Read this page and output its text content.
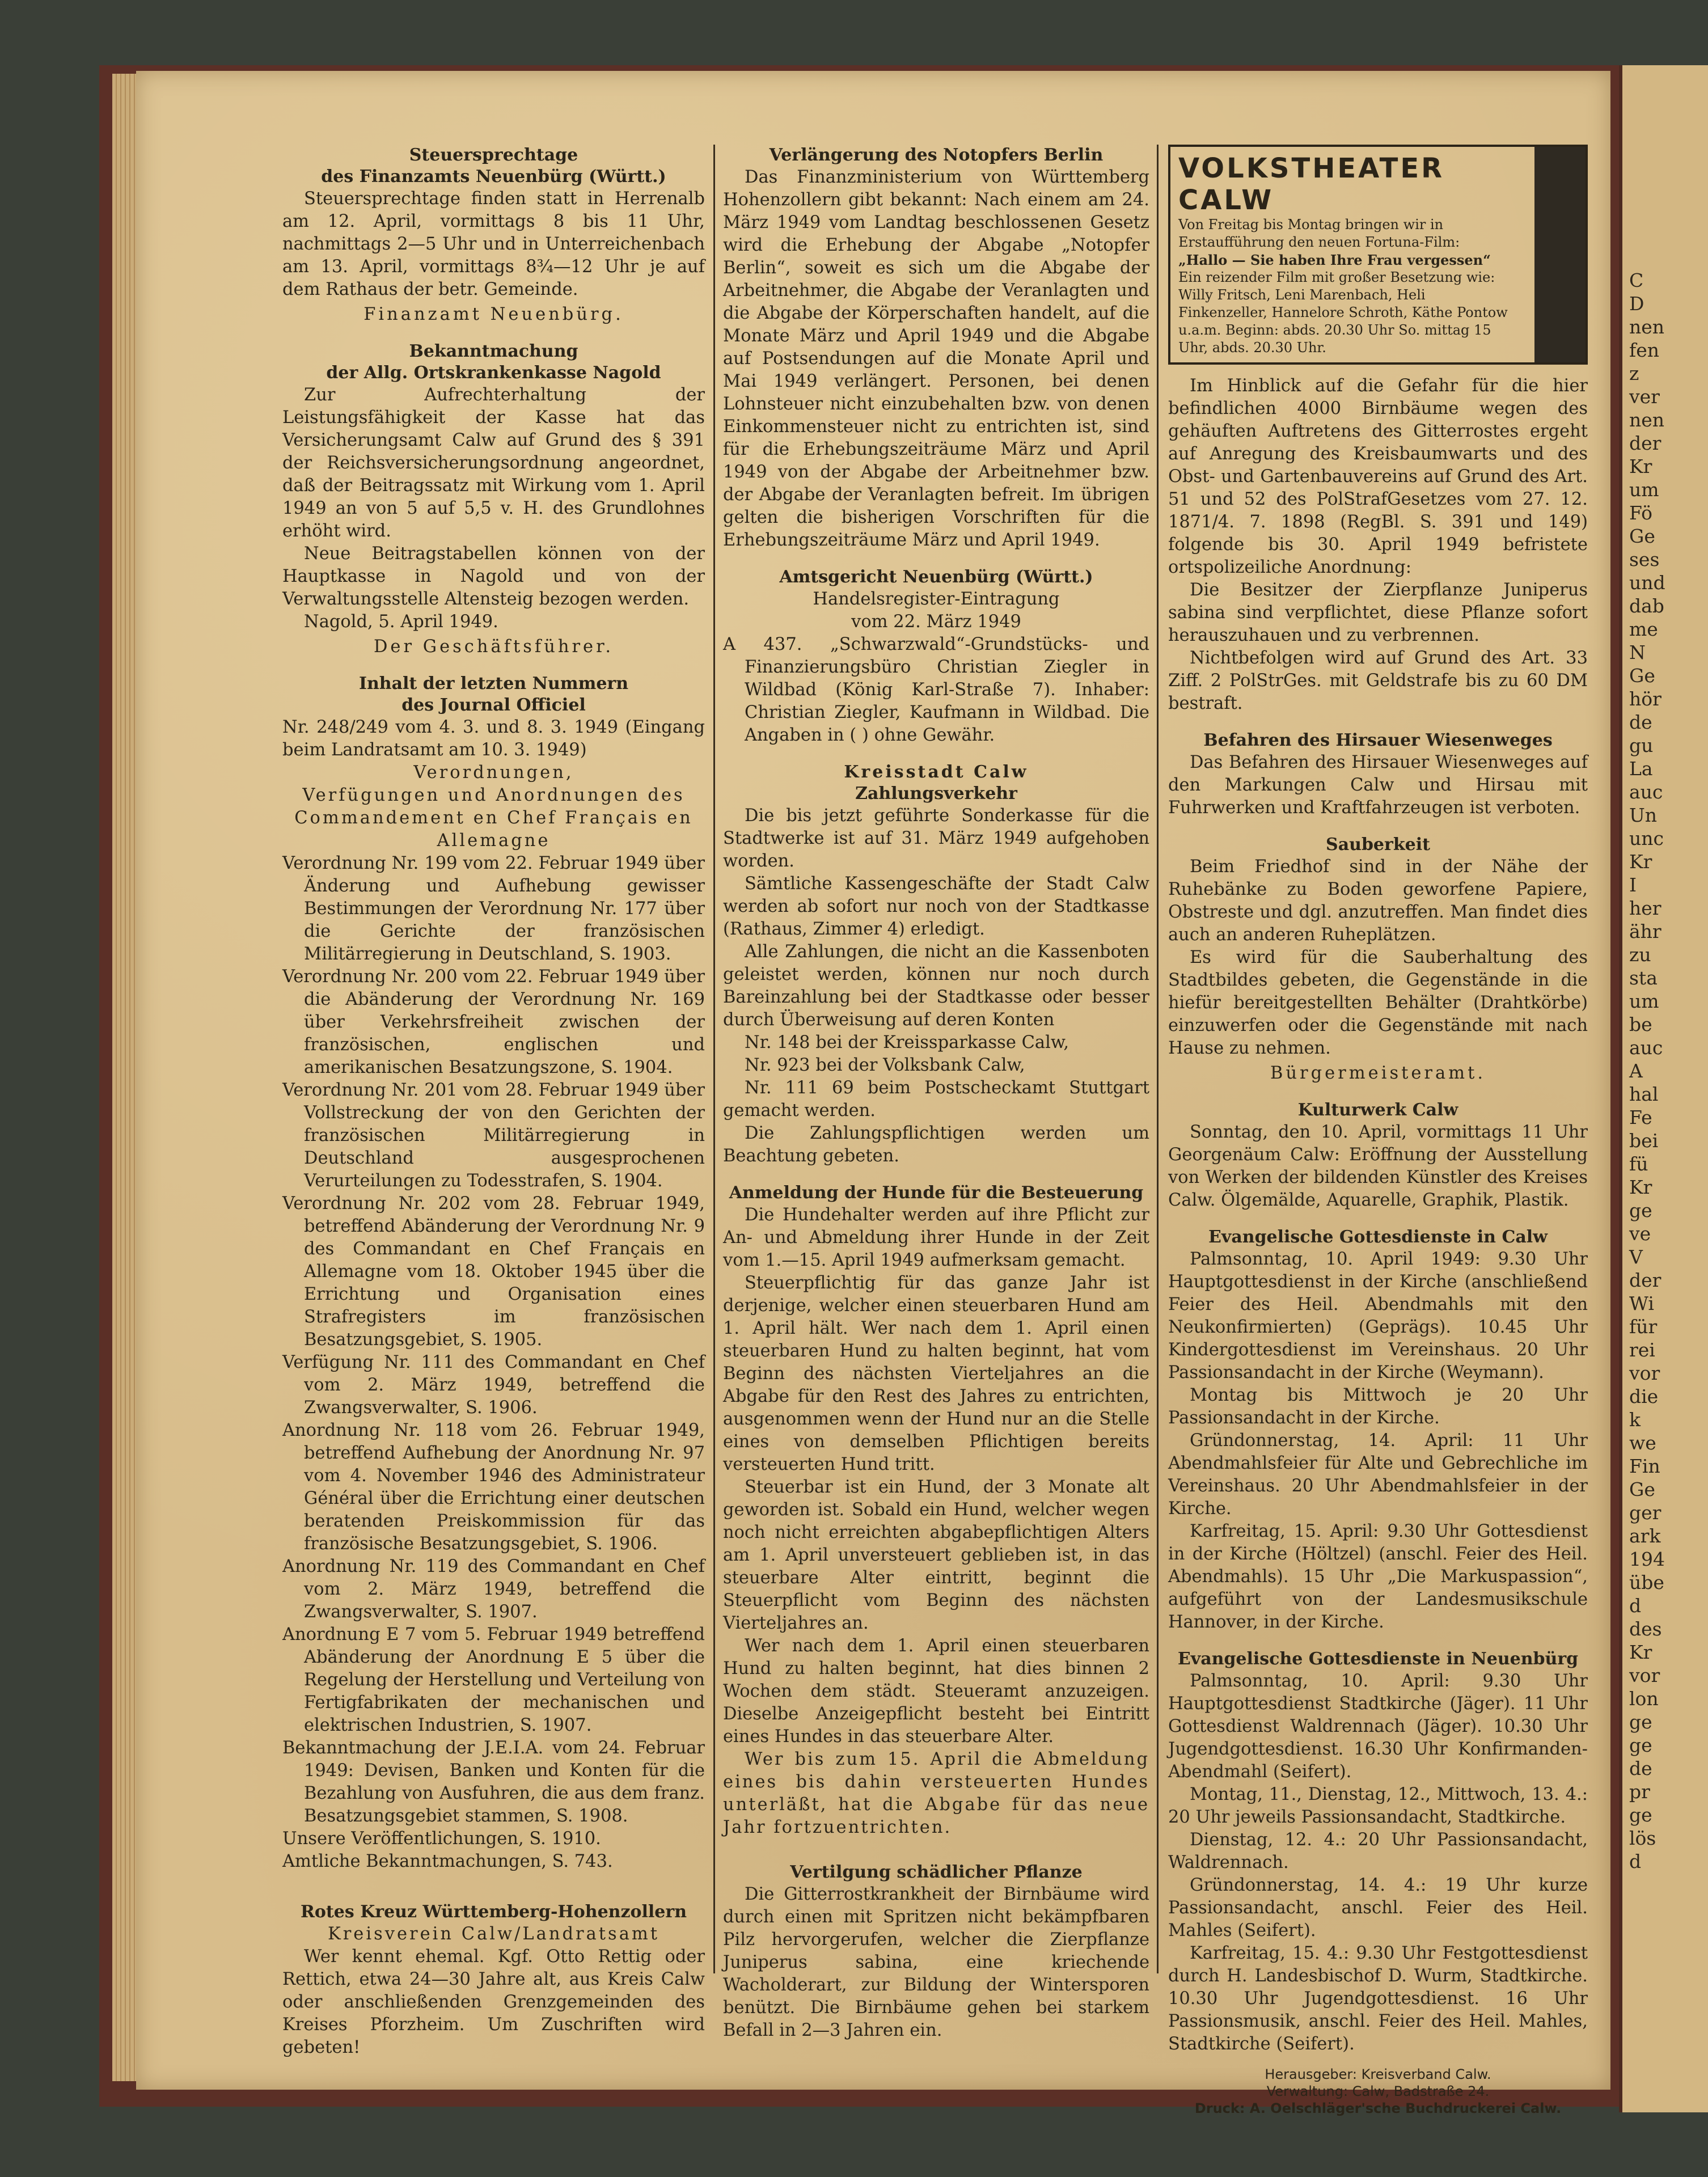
Steuersprechtage
des Finanzamts Neuenbürg (Württ.)

Steuersprechtage finden statt in Herrenalb am 12. April, vormittags 8 bis 11 Uhr, nachmittags 2—5 Uhr und in Unterreichenbach am 13. April, vormittags 8¾—12 Uhr je auf dem Rathaus der betr. Gemeinde.

Finanzamt Neuenbürg.
Bekanntmachung
der Allg. Ortskrankenkasse Nagold

Zur Aufrechterhaltung der Leistungsfähigkeit der Kasse hat das Versicherungsamt Calw auf Grund des § 391 der Reichsversicherungsordnung angeordnet, daß der Beitragssatz mit Wirkung vom 1. April 1949 an von 5 auf 5,5 v. H. des Grundlohnes erhöht wird.

Neue Beitragstabellen können von der Hauptkasse in Nagold und von der Verwaltungsstelle Altensteig bezogen werden.

Nagold, 5. April 1949.

Der Geschäftsführer.
Inhalt der letzten Nummern
des Journal Officiel

Nr. 248/249 vom 4. 3. und 8. 3. 1949 (Eingang beim Landratsamt am 10. 3. 1949)

Verordnungen,
Verfügungen und Anordnungen des Commandement en Chef Français en Allemagne

Verordnung Nr. 199 vom 22. Februar 1949 über Änderung und Aufhebung gewisser Bestimmungen der Verordnung Nr. 177 über die Gerichte der französischen Militärregierung in Deutschland, S. 1903.

Verordnung Nr. 200 vom 22. Februar 1949 über die Abänderung der Verordnung Nr. 169 über Verkehrsfreiheit zwischen der französischen, englischen und amerikanischen Besatzungszone, S. 1904.

Verordnung Nr. 201 vom 28. Februar 1949 über Vollstreckung der von den Gerichten der französischen Militärregierung in Deutschland ausgesprochenen Verurteilungen zu Todesstrafen, S. 1904.

Verordnung Nr. 202 vom 28. Februar 1949, betreffend Abänderung der Verordnung Nr. 9 des Commandant en Chef Français en Allemagne vom 18. Oktober 1945 über die Errichtung und Organisation eines Strafregisters im französischen Besatzungsgebiet, S. 1905.

Verfügung Nr. 111 des Commandant en Chef vom 2. März 1949, betreffend die Zwangsverwalter, S. 1906.

Anordnung Nr. 118 vom 26. Februar 1949, betreffend Aufhebung der Anordnung Nr. 97 vom 4. November 1946 des Administrateur Général über die Errichtung einer deutschen beratenden Preiskommission für das französische Besatzungsgebiet, S. 1906.

Anordnung Nr. 119 des Commandant en Chef vom 2. März 1949, betreffend die Zwangsverwalter, S. 1907.

Anordnung E 7 vom 5. Februar 1949 betreffend Abänderung der Anordnung E 5 über die Regelung der Herstellung und Verteilung von Fertigfabrikaten der mechanischen und elektrischen Industrien, S. 1907.

Bekanntmachung der J.E.I.A. vom 24. Februar 1949: Devisen, Banken und Konten für die Bezahlung von Ausfuhren, die aus dem franz. Besatzungsgebiet stammen, S. 1908.

Unsere Veröffentlichungen, S. 1910.

Amtliche Bekanntmachungen, S. 743.

Rotes Kreuz Württemberg-Hohenzollern
Kreisverein Calw/Landratsamt

Wer kennt ehemal. Kgf. Otto Rettig oder Rettich, etwa 24—30 Jahre alt, aus Kreis Calw oder anschließenden Grenzgemeinden des Kreises Pforzheim. Um Zuschriften wird gebeten!

Verlängerung des Notopfers Berlin

Das Finanzministerium von Württemberg Hohenzollern gibt bekannt: Nach einem am 24. März 1949 vom Landtag beschlossenen Gesetz wird die Erhebung der Abgabe „Notopfer Berlin“, soweit es sich um die Abgabe der Arbeitnehmer, die Abgabe der Veranlagten und die Abgabe der Körperschaften handelt, auf die Monate März und April 1949 und die Abgabe auf Postsendungen auf die Monate April und Mai 1949 verlängert. Personen, bei denen Lohnsteuer nicht einzubehalten bzw. von denen Einkommensteuer nicht zu entrichten ist, sind für die Erhebungszeiträume März und April 1949 von der Abgabe der Arbeitnehmer bzw. der Abgabe der Veranlagten befreit. Im übrigen gelten die bisherigen Vorschriften für die Erhebungszeiträume März und April 1949.

Amtsgericht Neuenbürg (Württ.)
Handelsregister-Eintragung
vom 22. März 1949

A 437. „Schwarzwald“-Grundstücks- und Finanzierungsbüro Christian Ziegler in Wildbad (König Karl-Straße 7). Inhaber: Christian Ziegler, Kaufmann in Wildbad. Die Angaben in ( ) ohne Gewähr.

Kreisstadt Calw
Zahlungsverkehr

Die bis jetzt geführte Sonderkasse für die Stadtwerke ist auf 31. März 1949 aufgehoben worden.

Sämtliche Kassengeschäfte der Stadt Calw werden ab sofort nur noch von der Stadtkasse (Rathaus, Zimmer 4) erledigt.

Alle Zahlungen, die nicht an die Kassenboten geleistet werden, können nur noch durch Bareinzahlung bei der Stadtkasse oder besser durch Überweisung auf deren Konten

Nr. 148 bei der Kreissparkasse Calw,

Nr. 923 bei der Volksbank Calw,

Nr. 111 69 beim Postscheckamt Stuttgart gemacht werden.

Die Zahlungspflichtigen werden um Beachtung gebeten.

Anmeldung der Hunde für die Besteuerung

Die Hundehalter werden auf ihre Pflicht zur An- und Abmeldung ihrer Hunde in der Zeit vom 1.—15. April 1949 aufmerksam gemacht.

Steuerpflichtig für das ganze Jahr ist derjenige, welcher einen steuerbaren Hund am 1. April hält. Wer nach dem 1. April einen steuerbaren Hund zu halten beginnt, hat vom Beginn des nächsten Vierteljahres an die Abgabe für den Rest des Jahres zu entrichten, ausgenommen wenn der Hund nur an die Stelle eines von demselben Pflichtigen bereits versteuerten Hund tritt.

Steuerbar ist ein Hund, der 3 Monate alt geworden ist. Sobald ein Hund, welcher wegen noch nicht erreichten abgabepflichtigen Alters am 1. April unversteuert geblieben ist, in das steuerbare Alter eintritt, beginnt die Steuerpflicht vom Beginn des nächsten Vierteljahres an.

Wer nach dem 1. April einen steuerbaren Hund zu halten beginnt, hat dies binnen 2 Wochen dem städt. Steueramt anzuzeigen. Dieselbe Anzeigepflicht besteht bei Eintritt eines Hundes in das steuerbare Alter.

Wer bis zum 15. April die Abmeldung eines bis dahin versteuerten Hundes unterläßt, hat die Abgabe für das neue Jahr fortzuentrichten.

Vertilgung schädlicher Pflanze

Die Gitterrostkrankheit der Birnbäume wird durch einen mit Spritzen nicht bekämpfbaren Pilz hervorgerufen, welcher die Zierpflanze Juniperus sabina, eine kriechende Wacholderart, zur Bildung der Wintersporen benützt. Die Birnbäume gehen bei starkem Befall in 2—3 Jahren ein.

VOLKSTHEATER CALW
Von Freitag bis Montag bringen wir in Erstaufführung den neuen Fortuna-Film:
„Hallo — Sie haben Ihre Frau vergessen“
Ein reizender Film mit großer Besetzung wie: Willy Fritsch, Leni Marenbach, Heli Finkenzeller, Hannelore Schroth, Käthe Pontow u.a.m. Beginn: abds. 20.30 Uhr So. mittag 15 Uhr, abds. 20.30 Uhr.

Im Hinblick auf die Gefahr für die hier befindlichen 4000 Birnbäume wegen des gehäuften Auftretens des Gitterrostes ergeht auf Anregung des Kreisbaumwarts und des Obst- und Gartenbauvereins auf Grund des Art. 51 und 52 des PolStrafGesetzes vom 27. 12. 1871/4. 7. 1898 (RegBl. S. 391 und 149) folgende bis 30. April 1949 befristete ortspolizeiliche Anordnung:

Die Besitzer der Zierpflanze Juniperus sabina sind verpflichtet, diese Pflanze sofort herauszuhauen und zu verbrennen.

Nichtbefolgen wird auf Grund des Art. 33 Ziff. 2 PolStrGes. mit Geldstrafe bis zu 60 DM bestraft.

Befahren des Hirsauer Wiesenweges

Das Befahren des Hirsauer Wiesenweges auf den Markungen Calw und Hirsau mit Fuhrwerken und Kraftfahrzeugen ist verboten.

Sauberkeit

Beim Friedhof sind in der Nähe der Ruhebänke zu Boden geworfene Papiere, Obstreste und dgl. anzutreffen. Man findet dies auch an anderen Ruheplätzen.

Es wird für die Sauberhaltung des Stadtbildes gebeten, die Gegenstände in die hiefür bereitgestellten Behälter (Drahtkörbe) einzuwerfen oder die Gegenstände mit nach Hause zu nehmen.

Bürgermeisteramt.
Kulturwerk Calw

Sonntag, den 10. April, vormittags 11 Uhr Georgenäum Calw: Eröffnung der Ausstellung von Werken der bildenden Künstler des Kreises Calw. Ölgemälde, Aquarelle, Graphik, Plastik.

Evangelische Gottesdienste in Calw

Palmsonntag, 10. April 1949: 9.30 Uhr Hauptgottesdienst in der Kirche (anschließend Feier des Heil. Abendmahls mit den Neukonfirmierten) (Geprägs). 10.45 Uhr Kindergottesdienst im Vereinshaus. 20 Uhr Passionsandacht in der Kirche (Weymann).

Montag bis Mittwoch je 20 Uhr Passionsandacht in der Kirche.

Gründonnerstag, 14. April: 11 Uhr Abendmahlsfeier für Alte und Gebrechliche im Vereinshaus. 20 Uhr Abendmahlsfeier in der Kirche.

Karfreitag, 15. April: 9.30 Uhr Gottesdienst in der Kirche (Höltzel) (anschl. Feier des Heil. Abendmahls). 15 Uhr „Die Markuspassion“, aufgeführt von der Landesmusikschule Hannover, in der Kirche.

Evangelische Gottesdienste in Neuenbürg

Palmsonntag, 10. April: 9.30 Uhr Hauptgottesdienst Stadtkirche (Jäger). 11 Uhr Gottesdienst Waldrennach (Jäger). 10.30 Uhr Jugendgottesdienst. 16.30 Uhr Konfirmanden-Abendmahl (Seifert).

Montag, 11., Dienstag, 12., Mittwoch, 13. 4.: 20 Uhr jeweils Passionsandacht, Stadtkirche.

Dienstag, 12. 4.: 20 Uhr Passionsandacht, Waldrennach.

Gründonnerstag, 14. 4.: 19 Uhr kurze Passionsandacht, anschl. Feier des Heil. Mahles (Seifert).

Karfreitag, 15. 4.: 9.30 Uhr Festgottesdienst durch H. Landesbischof D. Wurm, Stadtkirche. 10.30 Uhr Jugendgottesdienst. 16 Uhr Passionsmusik, anschl. Feier des Heil. Mahles, Stadtkirche (Seifert).

Herausgeber: Kreisverband Calw.
Verwaltung: Calw, Badstraße 24.
Druck: A. Oelschläger'sche Buchdruckerei Calw.
C
D
nen
fen
z
ver
nen
der
Kr
um
Fö
Ge
ses
und
dab
me
N
Ge
hör
de
gu
La
auc
Un
unc
Kr
I
her
ähr
zu
sta
um
be
auc
A
hal
Fe
bei
fü
Kr
ge
ve
V
der
Wi
für
rei
vor
die
k
we
Fin
Ge
ger
ark
194
übe
d
des
Kr
vor
lon
ge
ge
de
pr
ge
lös
d
